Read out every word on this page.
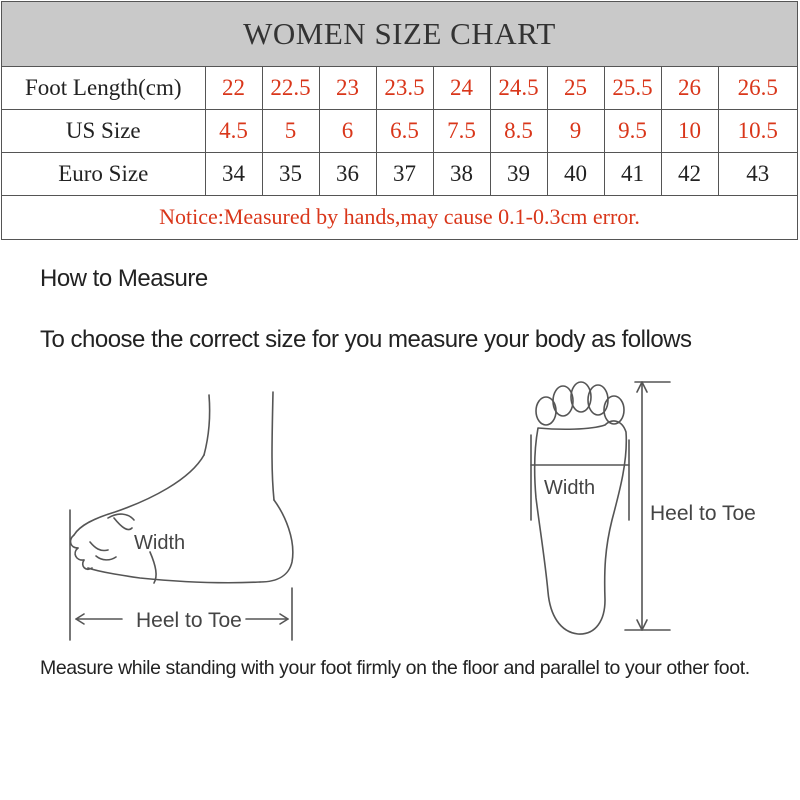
WOMEN SIZE CHART
Foot Length(cm)	22	22.5	23	23.5	24	24.5	25	25.5	26	26.5
US Size	4.5	5	6	6.5	7.5	8.5	9	9.5	10	10.5
Euro Size	34	35	36	37	38	39	40	41	42	43
Notice:Measured by hands,may cause 0.1-0.3cm error.
How to Measure
To choose the correct size for you measure your body as follows
Width
Heel to Toe
Width
Heel to Toe
Measure while standing with your foot firmly on the floor and parallel to your other foot.
